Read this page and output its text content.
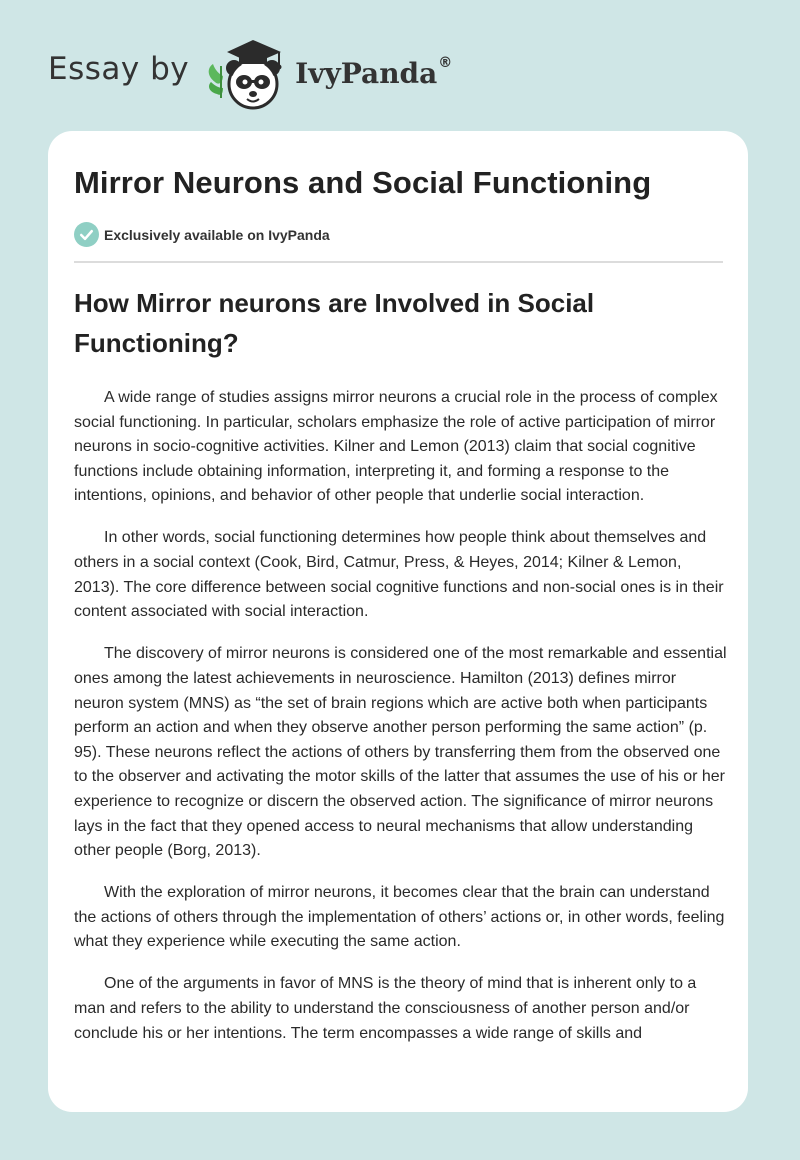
Essay by	IvyPanda®
Mirror Neurons and Social Functioning
Exclusively available on IvyPanda
How Mirror neurons are Involved in Social Functioning?

A wide range of studies assigns mirror neurons a crucial role in the process of complex social functioning. In particular, scholars emphasize the role of active participation of mirror neurons in socio-cognitive activities. Kilner and Lemon (2013) claim that social cognitive functions include obtaining information, interpreting it, and forming a response to the intentions, opinions, and behavior of other people that underlie social interaction.

In other words, social functioning determines how people think about themselves and others in a social context (Cook, Bird, Catmur, Press, & Heyes, 2014; Kilner & Lemon, 2013). The core difference between social cognitive functions and non-social ones is in their content associated with social interaction.

The discovery of mirror neurons is considered one of the most remarkable and essential ones among the latest achievements in neuroscience. Hamilton (2013) defines mirror neuron system (MNS) as “the set of brain regions which are active both when participants perform an action and when they observe another person performing the same action” (p. 95). These neurons reflect the actions of others by transferring them from the observed one to the observer and activating the motor skills of the latter that assumes the use of his or her experience to recognize or discern the observed action. The significance of mirror neurons lays in the fact that they opened access to neural mechanisms that allow understanding other people (Borg, 2013).

With the exploration of mirror neurons, it becomes clear that the brain can understand the actions of others through the implementation of others’ actions or, in other words, feeling what they experience while executing the same action.

One of the arguments in favor of MNS is the theory of mind that is inherent only to a man and refers to the ability to understand the consciousness of another person and/or conclude his or her intentions. The term encompasses a wide range of skills and
